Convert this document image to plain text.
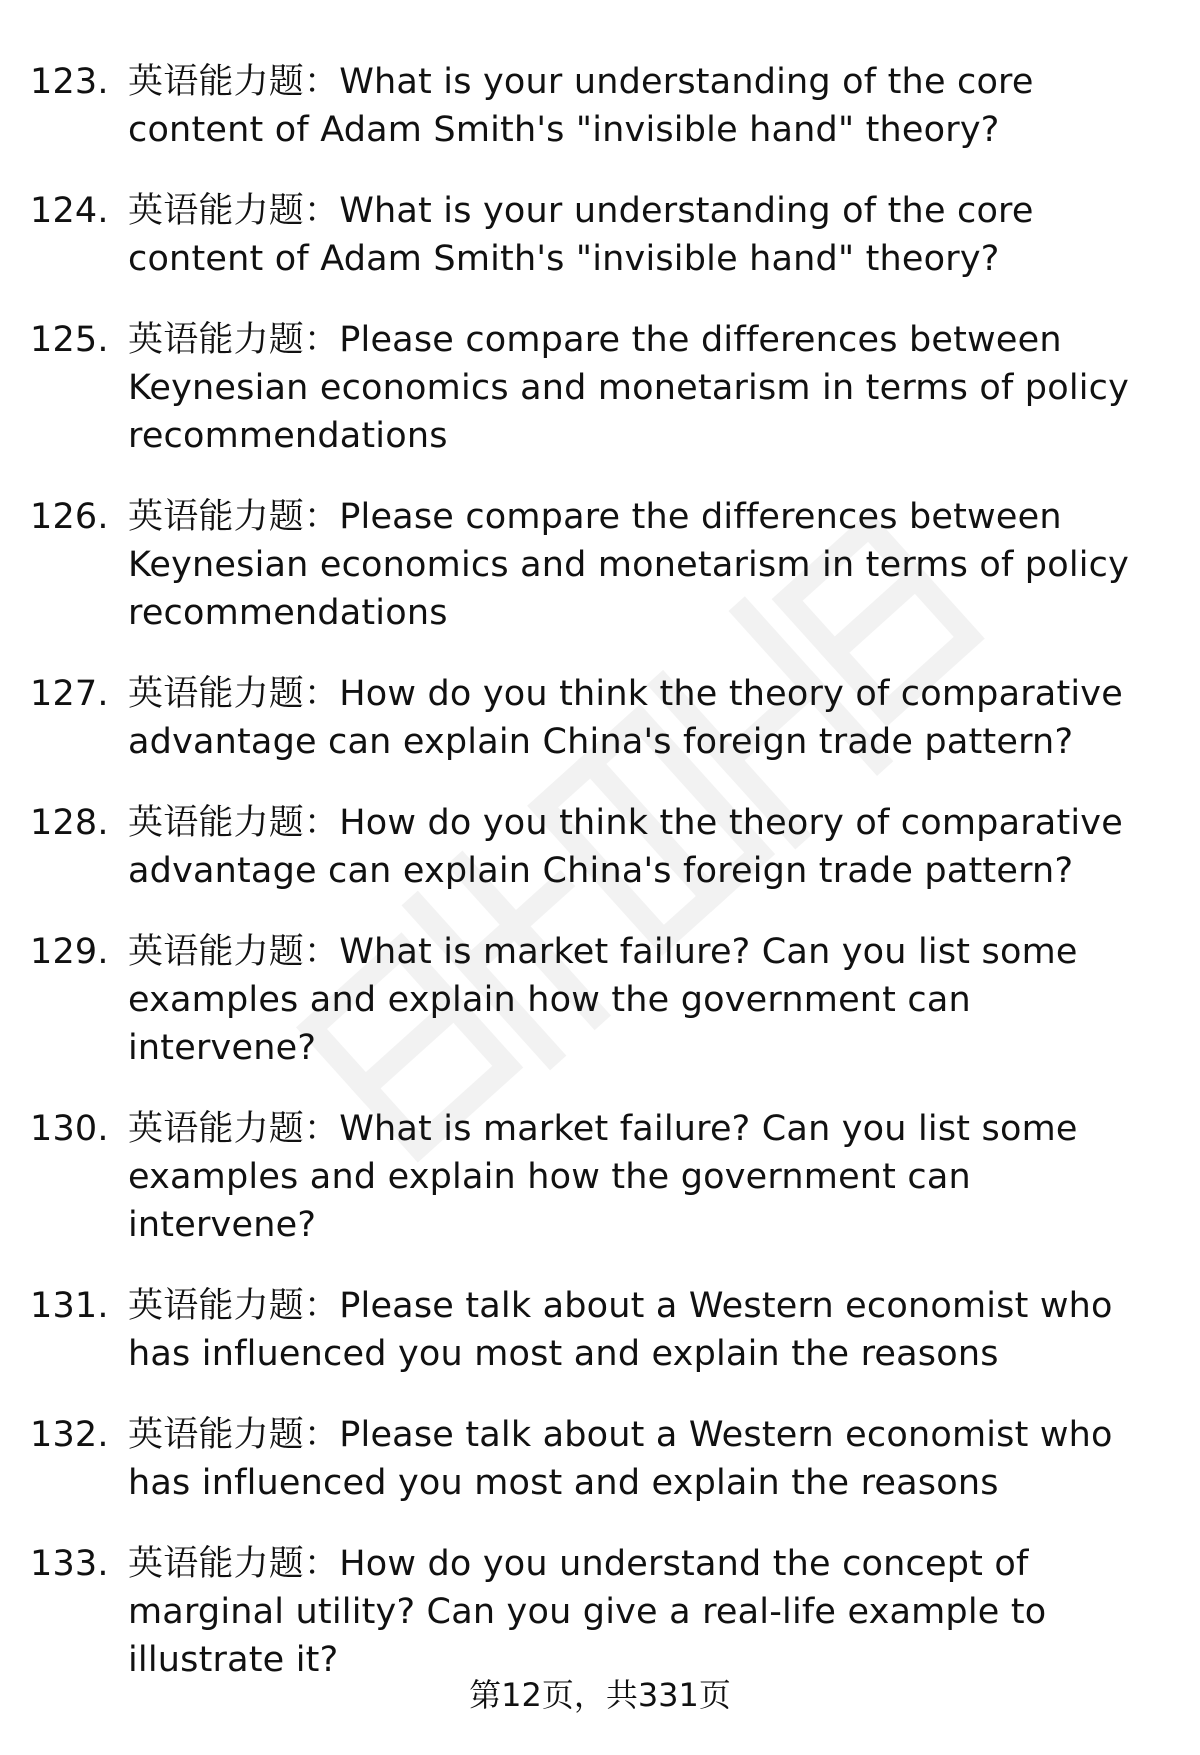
123. 英语能力题：What is your understanding of the core content of Adam Smith's "invisible hand" theory?
124. 英语能力题：What is your understanding of the core content of Adam Smith's "invisible hand" theory?
125. 英语能力题：Please compare the differences between Keynesian economics and monetarism in terms of policy recommendations
126. 英语能力题：Please compare the differences between Keynesian economics and monetarism in terms of policy recommendations
127. 英语能力题：How do you think the theory of comparative advantage can explain China's foreign trade pattern?
128. 英语能力题：How do you think the theory of comparative advantage can explain China's foreign trade pattern?
129. 英语能力题：What is market failure? Can you list some examples and explain how the government can intervene?
130. 英语能力题：What is market failure? Can you list some examples and explain how the government can intervene?
131. 英语能力题：Please talk about a Western economist who has influenced you most and explain the reasons
132. 英语能力题：Please talk about a Western economist who has influenced you most and explain the reasons
133. 英语能力题：How do you understand the concept of marginal utility? Can you give a real-life example to illustrate it?
第12页，共331页
